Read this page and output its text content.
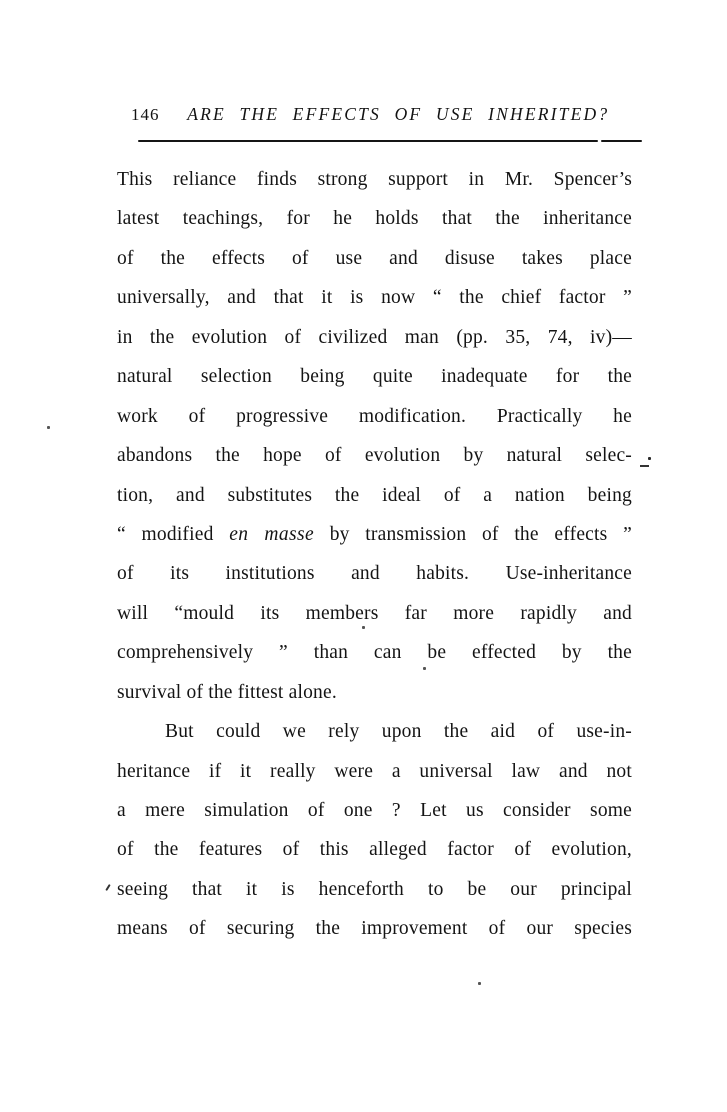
146	ARE THE EFFECTS OF USE INHERITED?
This reliance finds strong support in Mr. Spencer’s
latest teachings, for he holds that the inheritance
of the effects of use and disuse takes place
universally, and that it is now “ the chief factor ”
in the evolution of civilized man (pp. 35, 74, iv)—
natural selection being quite inadequate for the
work of progressive modification. Practically he
abandons the hope of evolution by natural selec-
tion, and substitutes the ideal of a nation being
“ modified en masse by transmission of the effects ”
of its institutions and habits. Use-inheritance
will “mould its members far more rapidly and
comprehensively ” than can be effected by the
survival of the fittest alone.
But could we rely upon the aid of use-in-
heritance if it really were a universal law and not
a mere simulation of one ? Let us consider some
of the features of this alleged factor of evolution,
seeing that it is henceforth to be our principal
means of securing the improvement of our species
